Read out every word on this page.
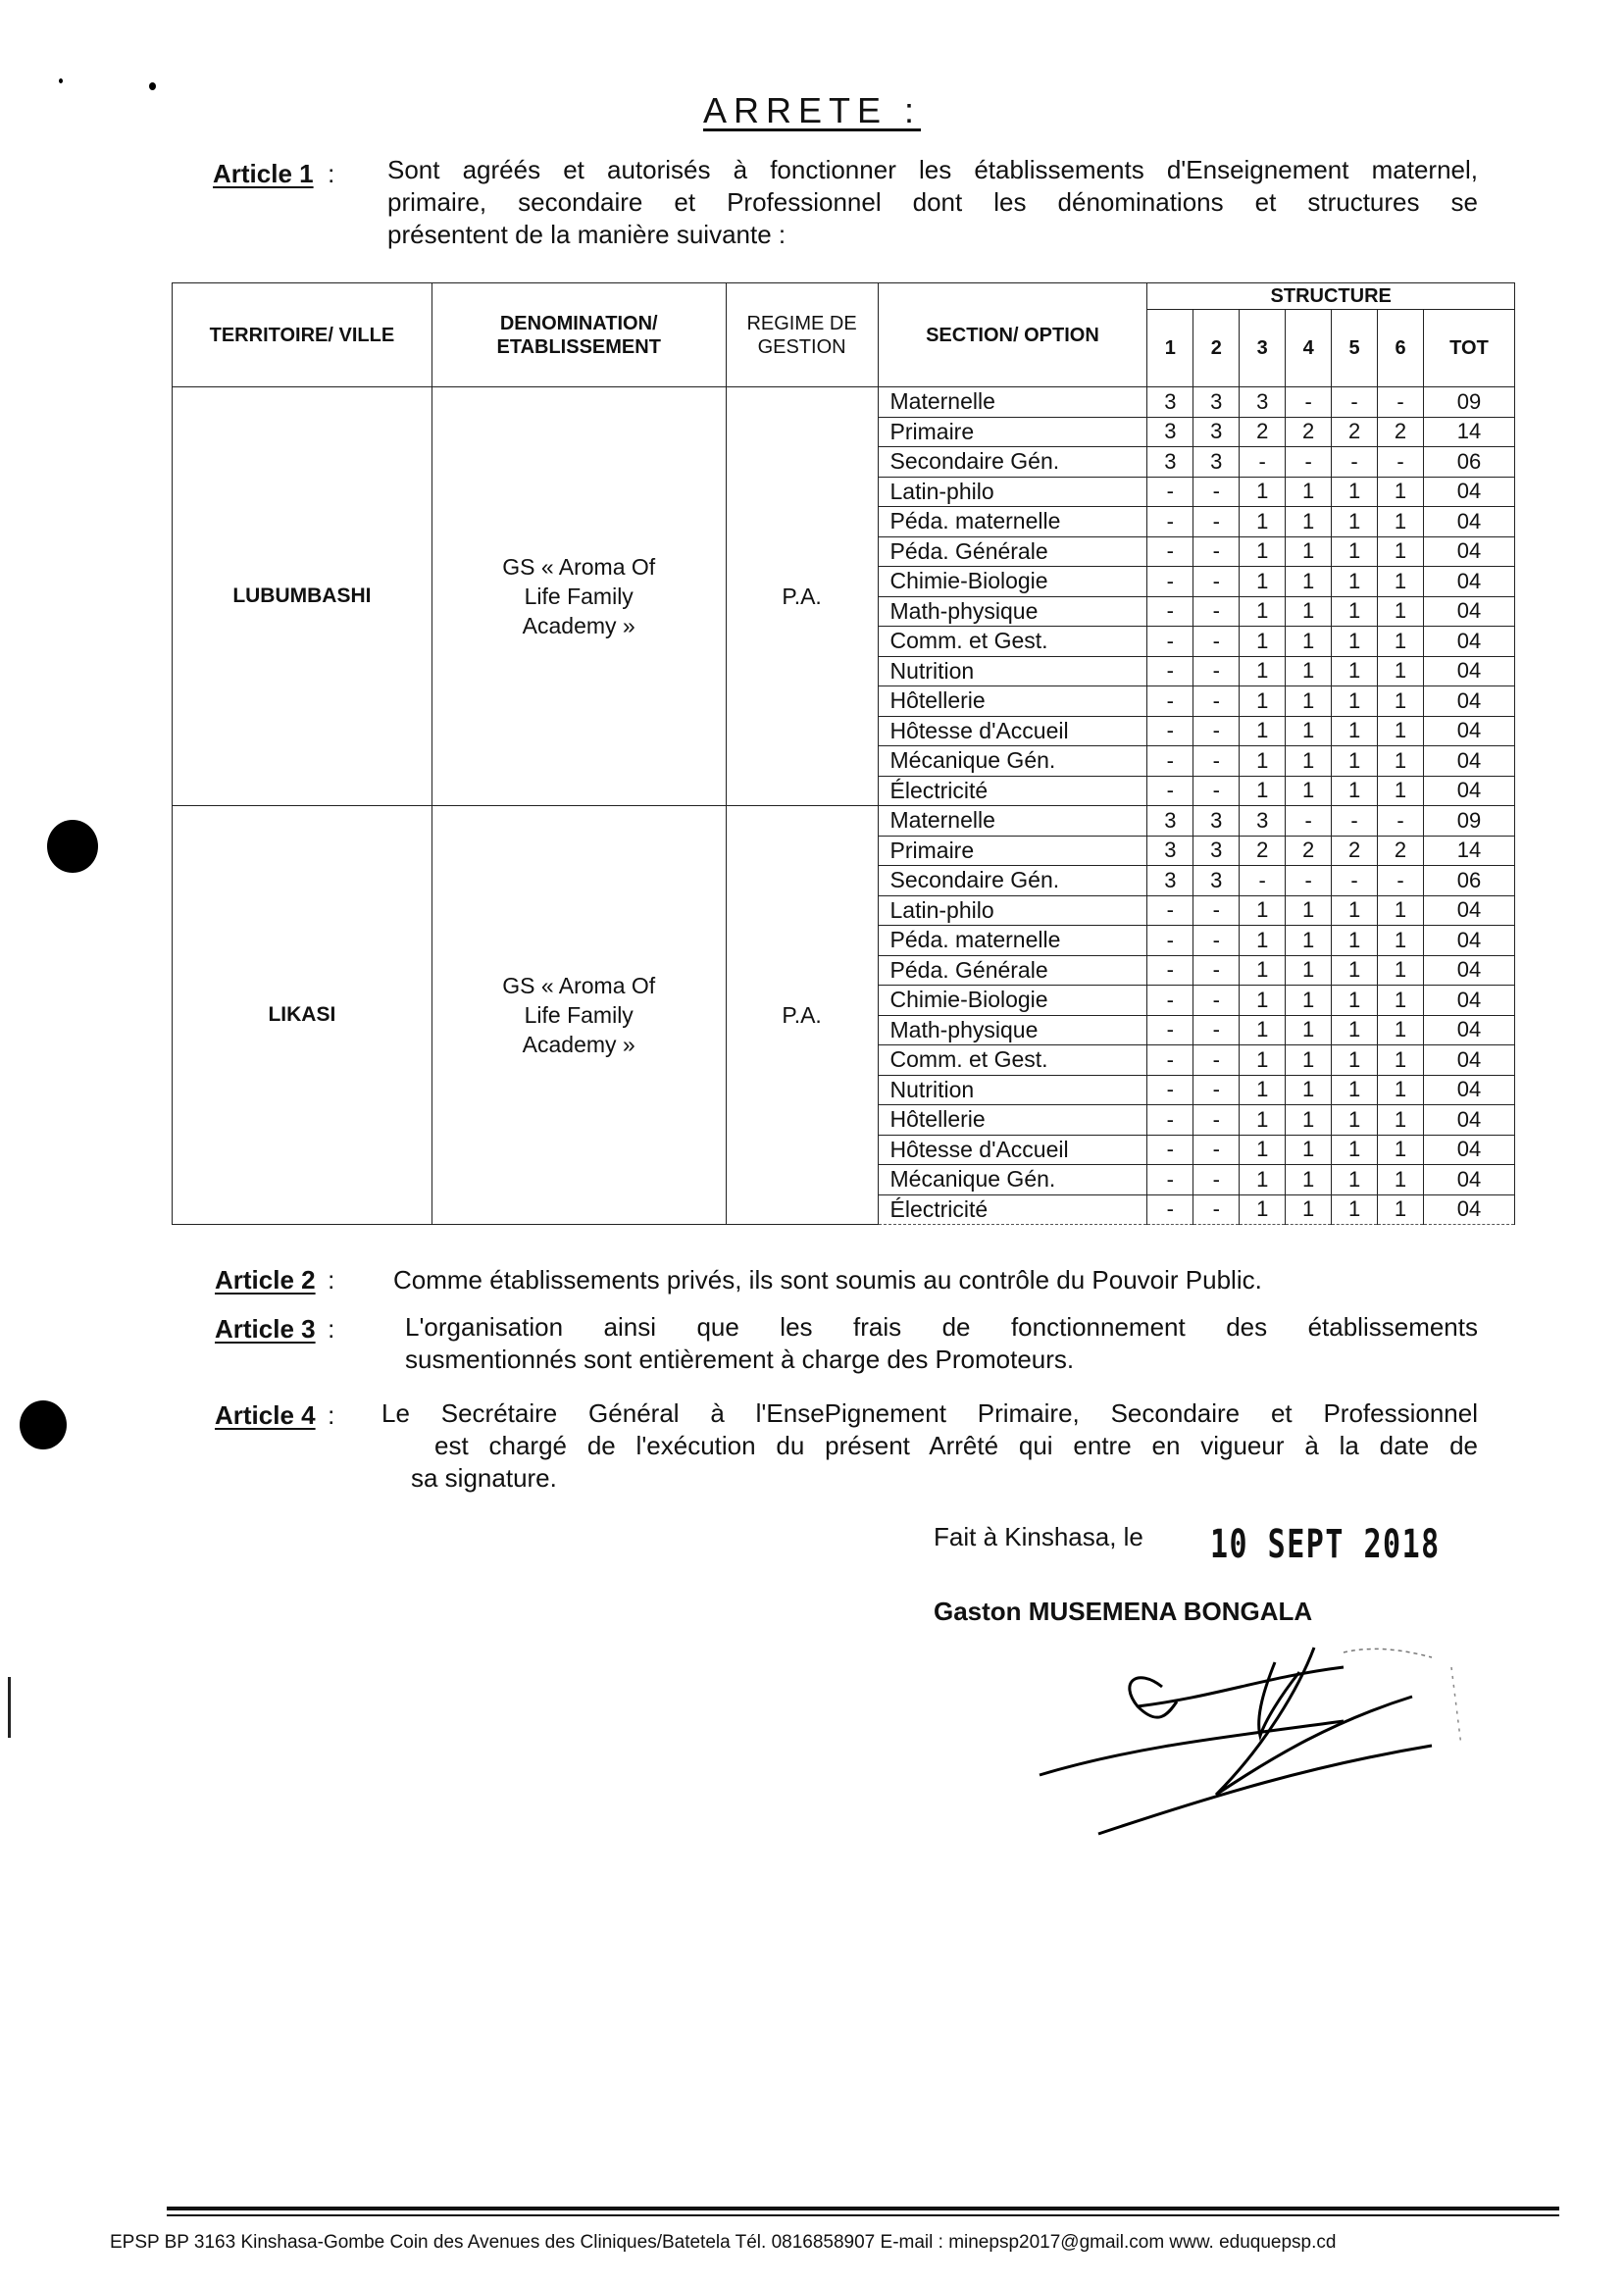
ARRETE :
Article 1 : Sont agréés et autorisés à fonctionner les établissements d'Enseignement maternel,
primaire, secondaire et Professionnel dont les dénominations et structures se
présentent de la manière suivante :
TERRITOIRE/ VILLE	DENOMINATION/ ETABLISSEMENT	REGIME DE GESTION	SECTION/ OPTION	STRUCTURE						
				1	2	3	4	5	6	TOT
LUBUMBASHI	GS « Aroma Of Life Family Academy »	P.A.	Maternelle	3	3	3	-	-	-	09
			Primaire	3	3	2	2	2	2	14
			Secondaire Gén.	3	3	-	-	-	-	06
			Latin-philo	-	-	1	1	1	1	04
			Péda. maternelle	-	-	1	1	1	1	04
			Péda. Générale	-	-	1	1	1	1	04
			Chimie-Biologie	-	-	1	1	1	1	04
			Math-physique	-	-	1	1	1	1	04
			Comm. et Gest.	-	-	1	1	1	1	04
			Nutrition	-	-	1	1	1	1	04
			Hôtellerie	-	-	1	1	1	1	04
			Hôtesse d'Accueil	-	-	1	1	1	1	04
			Mécanique Gén.	-	-	1	1	1	1	04
			Électricité	-	-	1	1	1	1	04
LIKASI	GS « Aroma Of Life Family Academy »	P.A.	Maternelle	3	3	3	-	-	-	09
			Primaire	3	3	2	2	2	2	14
			Secondaire Gén.	3	3	-	-	-	-	06
			Latin-philo	-	-	1	1	1	1	04
			Péda. maternelle	-	-	1	1	1	1	04
			Péda. Générale	-	-	1	1	1	1	04
			Chimie-Biologie	-	-	1	1	1	1	04
			Math-physique	-	-	1	1	1	1	04
			Comm. et Gest.	-	-	1	1	1	1	04
			Nutrition	-	-	1	1	1	1	04
			Hôtellerie	-	-	1	1	1	1	04
			Hôtesse d'Accueil	-	-	1	1	1	1	04
			Mécanique Gén.	-	-	1	1	1	1	04
			Électricité	-	-	1	1	1	1	04
Article 2 : Comme établissements privés, ils sont soumis au contrôle du Pouvoir Public.
Article 3 :	L'organisation ainsi que les frais de fonctionnement des établissements
susmentionnés sont entièrement à charge des Promoteurs.
Article 4 : Le Secrétaire Général à l'EnsePignement Primaire, Secondaire et Professionnel
est chargé de l'exécution du présent Arrêté qui entre en vigueur à la date de
sa signature.
Fait à Kinshasa, le 10 SEPT 2018
Gaston MUSEMENA BONGALA
EPSP BP 3163 Kinshasa-Gombe Coin des Avenues des Cliniques/Batetela Tél. 0816858907 E-mail : minepsp2017@gmail.com www. eduquepsp.cd
